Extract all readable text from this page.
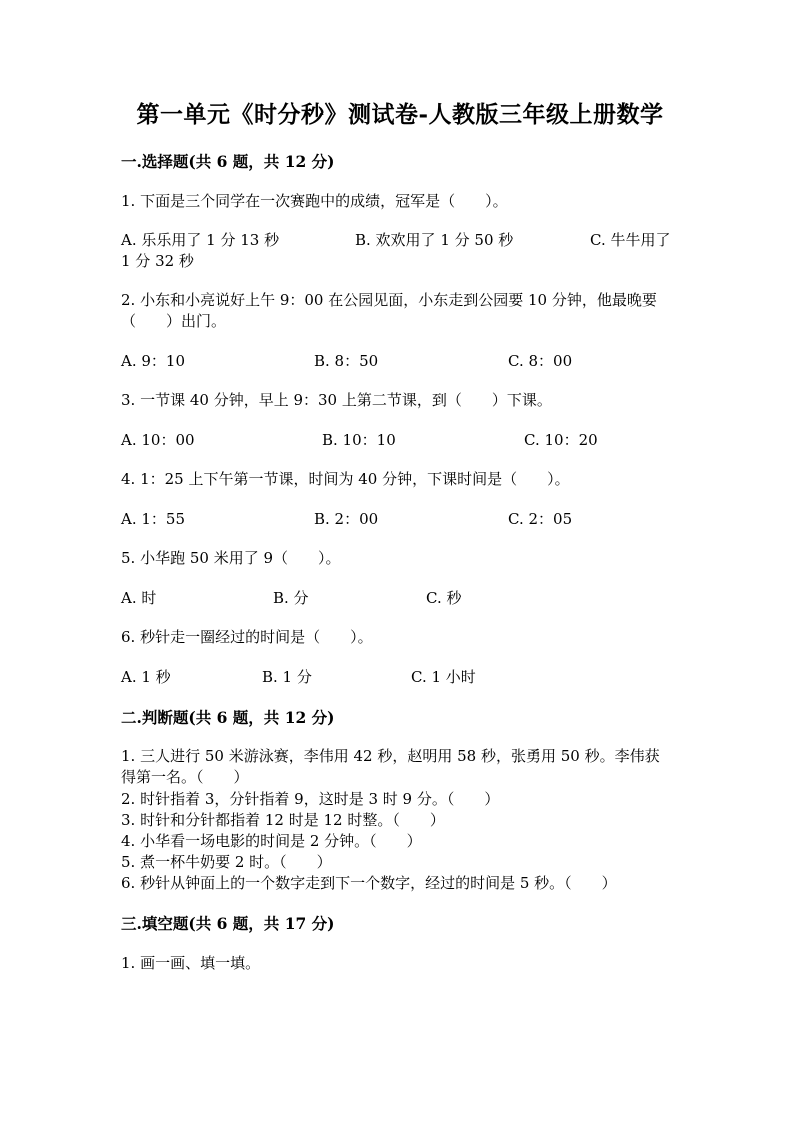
第一单元《时分秒》测试卷-人教版三年级上册数学
一.选择题(共 6 题，共 12 分)
1. 下面是三个同学在一次赛跑中的成绩，冠军是（　　）。
A. 乐乐用了 1 分 13 秒	B. 欢欢用了 1 分 50 秒	C. 牛牛用了
1 分 32 秒
2. 小东和小亮说好上午 9：00 在公园见面，小东走到公园要 10 分钟，他最晚要
（　　）出门。
A. 9：10	B. 8：50	C. 8：00
3. 一节课 40 分钟，早上 9：30 上第二节课，到（　　）下课。
A. 10：00	B. 10：10	C. 10：20
4. 1：25 上下午第一节课，时间为 40 分钟，下课时间是（　　）。
A. 1：55	B. 2：00	C. 2：05
5. 小华跑 50 米用了 9（　　）。
A. 时	B. 分	C. 秒
6. 秒针走一圈经过的时间是（　　）。
A. 1 秒	B. 1 分	C. 1 小时
二.判断题(共 6 题，共 12 分)
1. 三人进行 50 米游泳赛，李伟用 42 秒，赵明用 58 秒，张勇用 50 秒。李伟获
得第一名。（　　）
2. 时针指着 3，分针指着 9，这时是 3 时 9 分。（　　）
3. 时针和分针都指着 12 时是 12 时整。（　　）
4. 小华看一场电影的时间是 2 分钟。（　　）
5. 煮一杯牛奶要 2 时。（　　）
6. 秒针从钟面上的一个数字走到下一个数字，经过的时间是 5 秒。（　　）
三.填空题(共 6 题，共 17 分)
1. 画一画、填一填。
